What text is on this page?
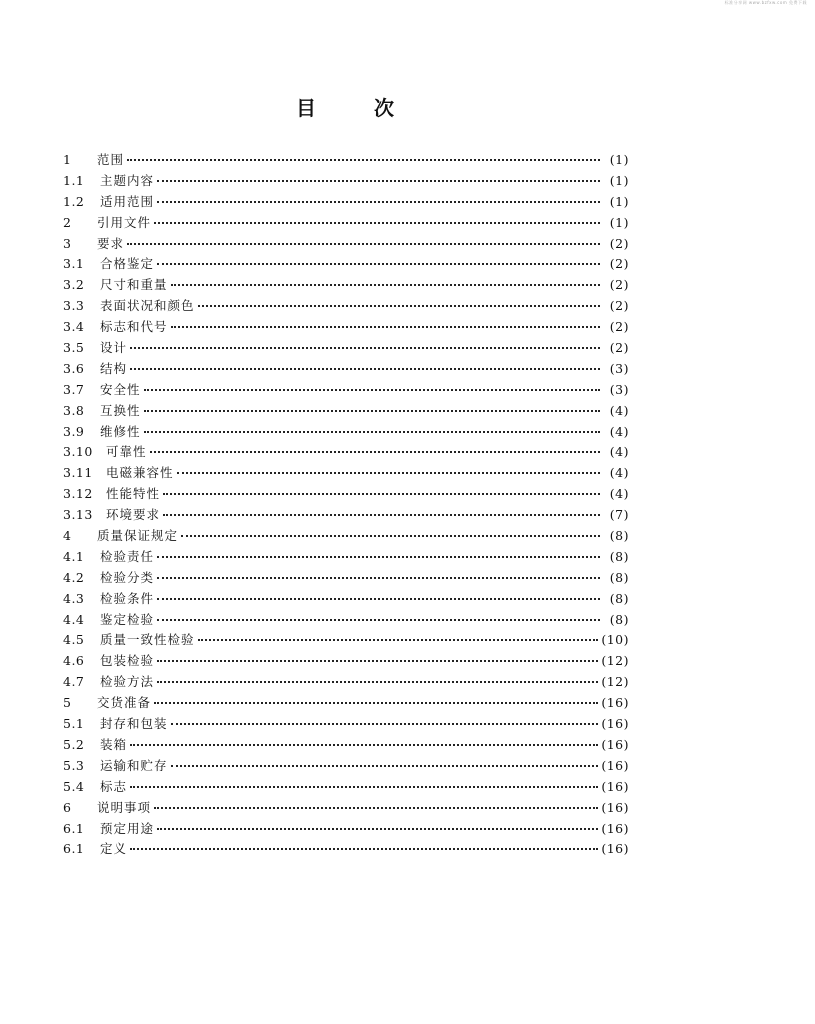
标准分享网 www.bzfxw.com 免费下载
目	次
1	范围	(1)
1.1	主题内容	(1)
1.2	适用范围	(1)
2	引用文件	(1)
3	要求	(2)
3.1	合格鉴定	(2)
3.2	尺寸和重量	(2)
3.3	表面状况和颜色	(2)
3.4	标志和代号	(2)
3.5	设计	(2)
3.6	结构	(3)
3.7	安全性	(3)
3.8	互换性	(4)
3.9	维修性	(4)
3.10	可靠性	(4)
3.11	电磁兼容性	(4)
3.12	性能特性	(4)
3.13	环境要求	(7)
4	质量保证规定	(8)
4.1	检验责任	(8)
4.2	检验分类	(8)
4.3	检验条件	(8)
4.4	鉴定检验	(8)
4.5	质量一致性检验	(10)
4.6	包装检验	(12)
4.7	检验方法	(12)
5	交货准备	(16)
5.1	封存和包装	(16)
5.2	装箱	(16)
5.3	运输和贮存	(16)
5.4	标志	(16)
6	说明事项	(16)
6.1	预定用途	(16)
6.1	定义	(16)
